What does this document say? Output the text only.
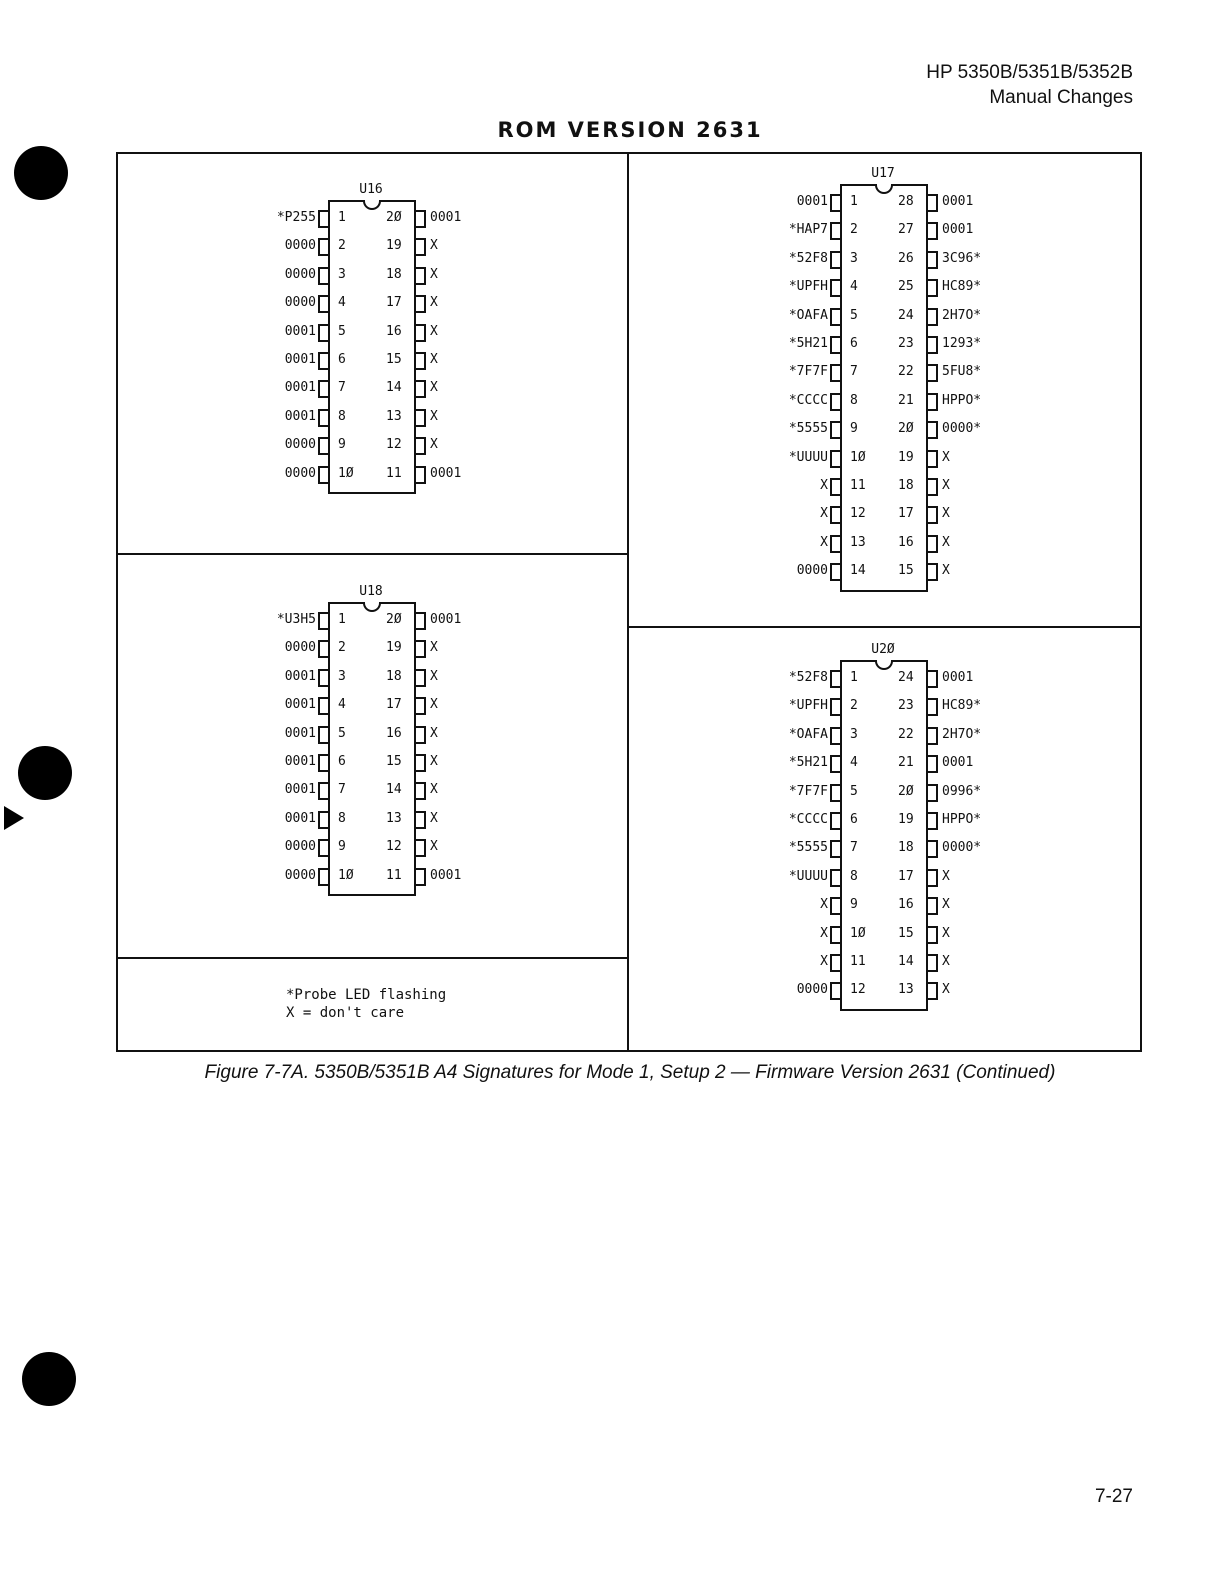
HP 5350B/5351B/5352B
Manual Changes
ROM VERSION 2631
U16
*P255 1	2Ø 0001
0000 2	19 X
0000 3	18 X
0000 4	17 X
0001 5	16 X
0001 6	15 X
0001 7	14 X
0001 8	13 X
0000 9	12 X
0000 1Ø 11 0001
U18
*U3H5 1	2Ø 0001
0000 2	19 X
0001 3	18 X
0001 4	17 X
0001 5	16 X
0001 6	15 X
0001 7	14 X
0001 8	13 X
0000 9	12 X
0000 1Ø 11 0001
U17
0001 1	28 0001
*HAP7 2	27 0001
*52F8 3	26 3C96*
*UPFH 4	25 HC89*
*OAFA 5	24 2H7O*
*5H21 6	23 1293*
*7F7F 7	22 5FU8*
*CCCC 8	21 HPPO*
*5555 9	2Ø 0000*
*UUUU 1Ø 19 X
X 11 18 X
X 12 17 X
X 13 16 X
0000 14 15 X
U2Ø
*52F8 1	24 0001
*UPFH 2	23 HC89*
*OAFA 3	22 2H7O*
*5H21 4	21 0001
*7F7F 5	2Ø 0996*
*CCCC 6	19 HPPO*
*5555 7	18 0000*
*UUUU 8	17 X
X 9	16 X
X 1Ø 15 X
X 11 14 X
0000 12 13 X
*Probe LED flashing
X = don't care
Figure 7-7A. 5350B/5351B A4 Signatures for Mode 1, Setup 2 — Firmware Version 2631 (Continued)
7-27
